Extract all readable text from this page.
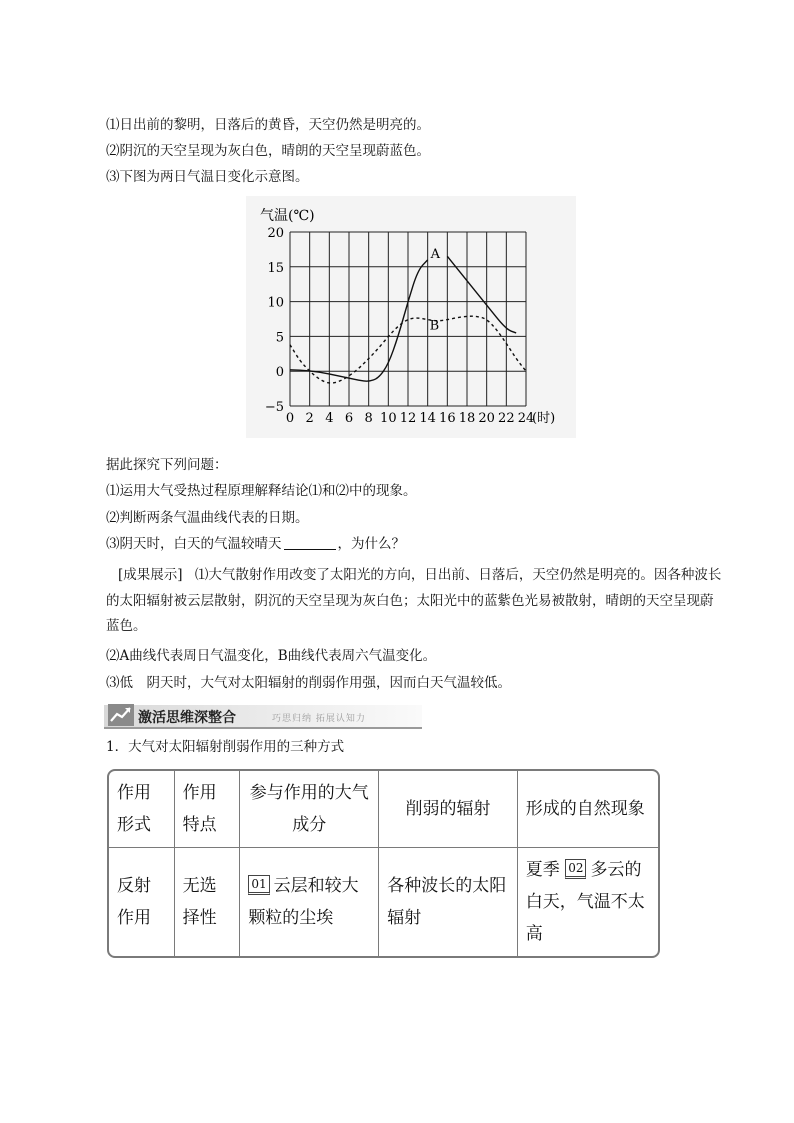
⑴日出前的黎明，日落后的黄昏，天空仍然是明亮的。
⑵阴沉的天空呈现为灰白色，晴朗的天空呈现蔚蓝色。
⑶下图为两日气温日变化示意图。
0 2 4 6 8 10 12 14 16 18 20 22 24
−5
0
5
10
15
20
气温(℃)
(时)
A
B
据此探究下列问题：
⑴运用大气受热过程原理解释结论⑴和⑵中的现象。
⑵判断两条气温曲线代表的日期。
⑶阴天时，白天的气温较晴天	，为什么？
[成果展示] ⑴大气散射作用改变了太阳光的方向，日出前、日落后，天空仍然是明亮的。因各种波长的太阳辐射被云层散射，阴沉的天空呈现为灰白色；太阳光中的蓝紫色光易被散射，晴朗的天空呈现蔚蓝色。
⑵A曲线代表周日气温变化，B曲线代表周六气温变化。
⑶低　阴天时，大气对太阳辐射的削弱作用强，因而白天气温较低。
激活思维深整合	巧思归纳 拓展认知力
1．大气对太阳辐射削弱作用的三种方式
作用形式	作用特点	参与作用的大气成分	削弱的辐射	形成的自然现象
反射作用	无选择性	01 云层和较大颗粒的尘埃	各种波长的太阳辐射	夏季 02 多云的白天，气温不太高
